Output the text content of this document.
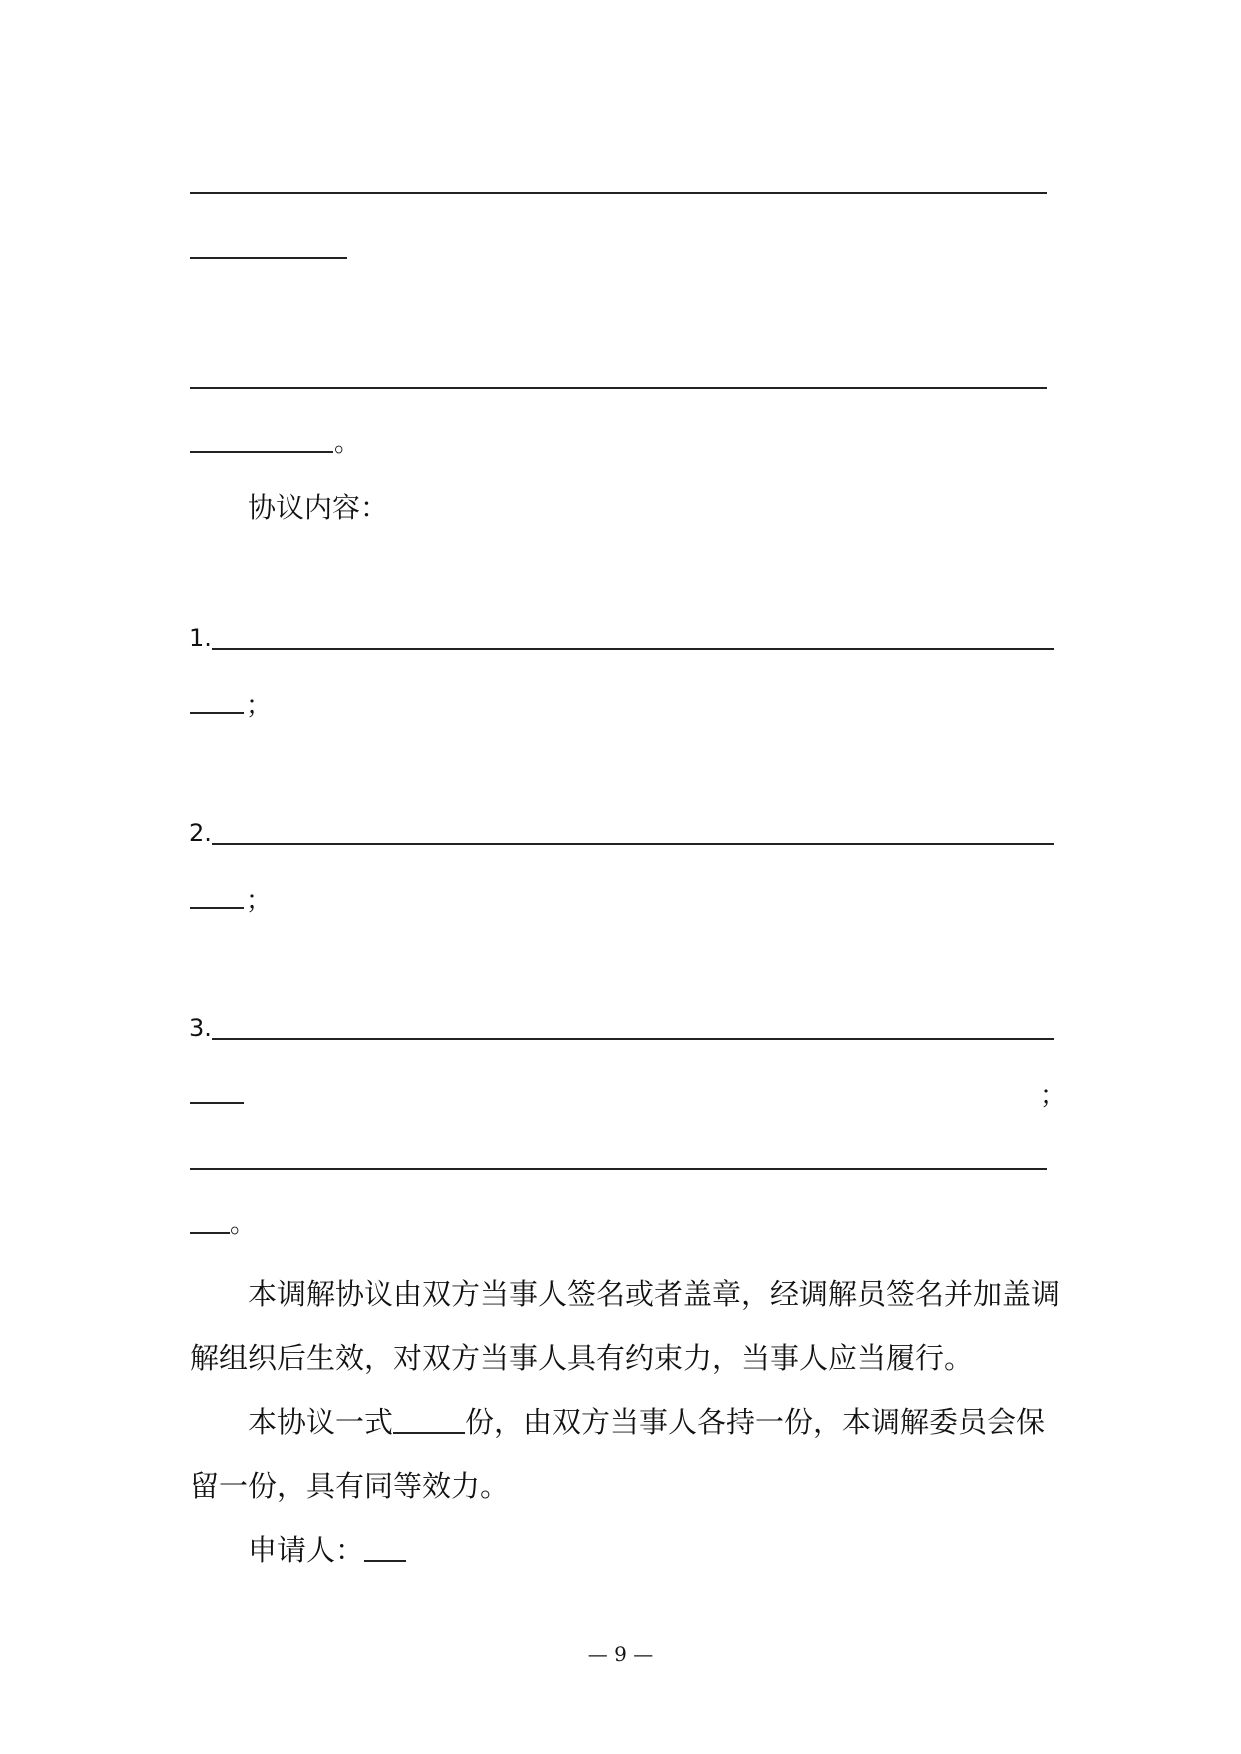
。
协议内容：
1.
；
2.
；
3.
；
。
本调解协议由双方当事人签名或者盖章，经调解员签名并加盖调
解组织后生效，对双方当事人具有约束力，当事人应当履行。
本协议一式 份，由双方当事人各持一份，本调解委员会保
留一份，具有同等效力。
申请人：
— 9 —
